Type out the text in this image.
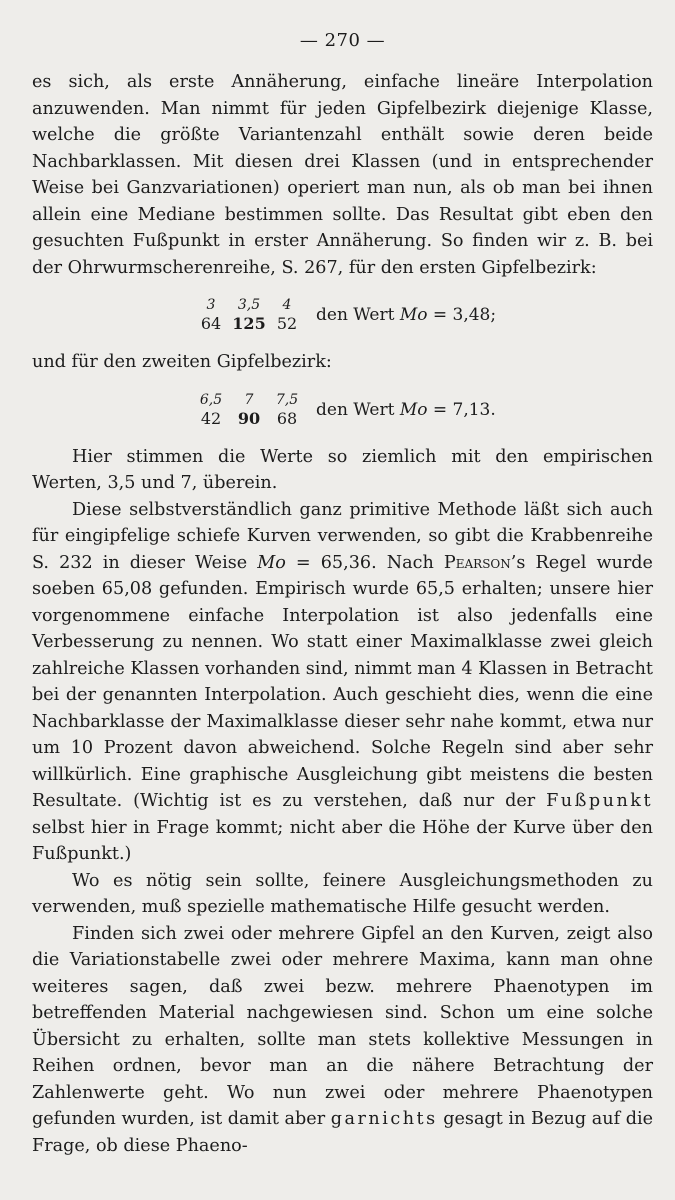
— 270 —

es sich, als erste Annäherung, einfache lineäre Interpolation anzuwenden. Man nimmt für jeden Gipfelbezirk diejenige Klasse, welche die größte Variantenzahl enthält sowie deren beide Nachbarklassen. Mit diesen drei Klassen (und in entsprechender Weise bei Ganzvariationen) operiert man nun, als ob man bei ihnen allein eine Mediane bestimmen sollte. Das Resultat gibt eben den gesuchten Fußpunkt in erster Annäherung. So finden wir z. B. bei der Ohrwurmscherenreihe, S. 267, für den ersten Gipfelbezirk:

3
64
3,5
125
4
52 den Wert Mo = 3,48;

und für den zweiten Gipfelbezirk:

6,5
42
7
90
7,5
68 den Wert Mo = 7,13.

Hier stimmen die Werte so ziemlich mit den empirischen Werten, 3,5 und 7, überein.

Diese selbstverständlich ganz primitive Methode läßt sich auch für eingipfelige schiefe Kurven verwenden, so gibt die Krabbenreihe S. 232 in dieser Weise Mo = 65,36. Nach Pearson’s Regel wurde soeben 65,08 gefunden. Empirisch wurde 65,5 erhalten; unsere hier vorgenommene einfache Interpolation ist also jedenfalls eine Verbesserung zu nennen. Wo statt einer Maximalklasse zwei gleich zahlreiche Klassen vorhanden sind, nimmt man 4 Klassen in Betracht bei der genannten Interpolation. Auch geschieht dies, wenn die eine Nachbarklasse der Maximalklasse dieser sehr nahe kommt, etwa nur um 10 Prozent davon abweichend. Solche Regeln sind aber sehr willkürlich. Eine graphische Ausgleichung gibt meistens die besten Resultate. (Wichtig ist es zu verstehen, daß nur der Fußpunkt selbst hier in Frage kommt; nicht aber die Höhe der Kurve über den Fußpunkt.)

Wo es nötig sein sollte, feinere Ausgleichungsmethoden zu verwenden, muß spezielle mathematische Hilfe gesucht werden.

Finden sich zwei oder mehrere Gipfel an den Kurven, zeigt also die Variationstabelle zwei oder mehrere Maxima, kann man ohne weiteres sagen, daß zwei bezw. mehrere Phaenotypen im betreffenden Material nachgewiesen sind. Schon um eine solche Übersicht zu erhalten, sollte man stets kollektive Messungen in Reihen ordnen, bevor man an die nähere Betrachtung der Zahlenwerte geht. Wo nun zwei oder mehrere Phaenotypen gefunden wurden, ist damit aber garnichts gesagt in Bezug auf die Frage, ob diese Phaeno-
